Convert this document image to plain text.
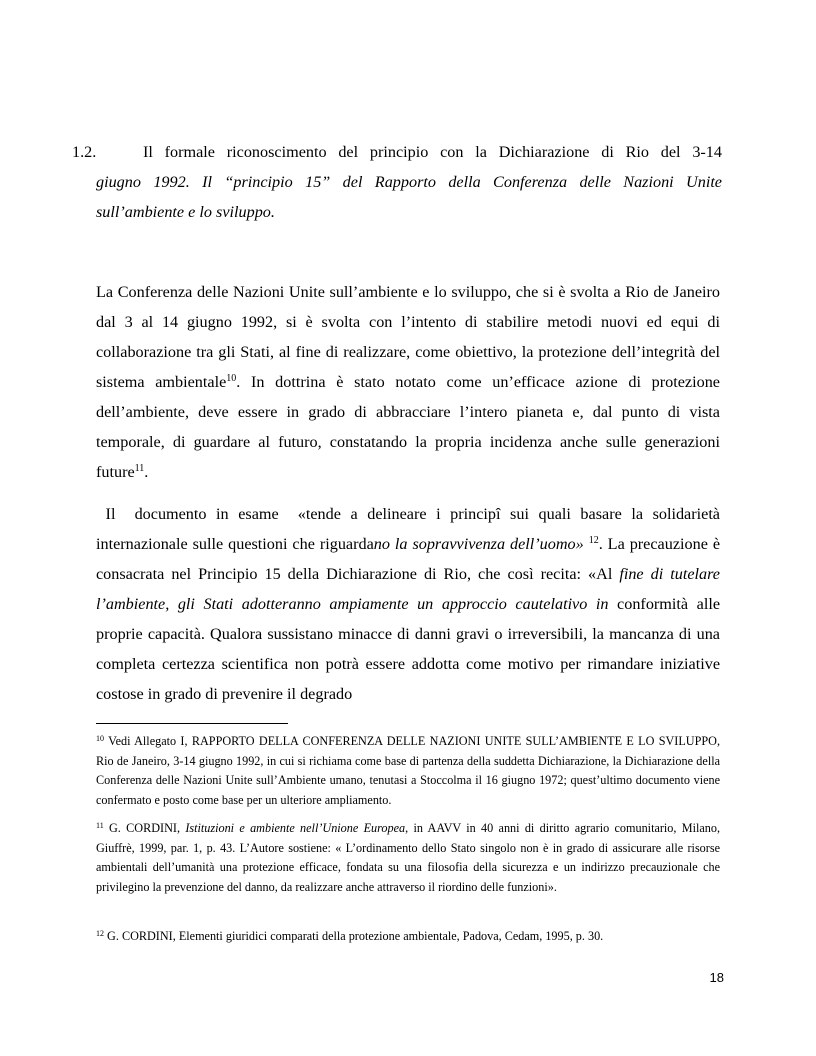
1.2.	Il formale riconoscimento del principio con la Dichiarazione di Rio del 3-14
giugno 1992. Il “principio 15” del Rapporto della Conferenza delle Nazioni Unite sull’ambiente e lo sviluppo.

La Conferenza delle Nazioni Unite sull’ambiente e lo sviluppo, che si è svolta a Rio de Janeiro dal 3 al 14 giugno 1992, si è svolta con l’intento di stabilire metodi nuovi ed equi di collaborazione tra gli Stati, al fine di realizzare, come obiettivo, la protezione dell’integrità del sistema ambientale$^{10}$. In dottrina è stato notato come un’efficace azione di protezione dell’ambiente, deve essere in grado di abbracciare l’intero pianeta e, dal punto di vista temporale, di guardare al futuro, constatando la propria incidenza anche sulle generazioni future$^{11}$.

Il  documento in esame  «tende a delineare i principî sui quali basare la solidarietà internazionale sulle questioni che riguardano la sopravvivenza dell’uomo» $^{12}$. La precauzione è consacrata nel Principio 15 della Dichiarazione di Rio, che così recita: «Al fine di tutelare l’ambiente, gli Stati adotteranno ampiamente un approccio cautelativo in conformità alle proprie capacità. Qualora sussistano minacce di danni gravi o irreversibili, la mancanza di una completa certezza scientifica non potrà essere addotta come motivo per rimandare iniziative costose in grado di prevenire il degrado

$^{10}$ Vedi Allegato I, RAPPORTO DELLA CONFERENZA DELLE NAZIONI UNITE SULL’AMBIENTE E LO SVILUPPO, Rio de Janeiro, 3-14 giugno 1992, in cui si richiama come base di partenza della suddetta Dichiarazione, la Dichiarazione della Conferenza delle Nazioni Unite sull’Ambiente umano, tenutasi a Stoccolma il 16 giugno 1972; quest’ultimo documento viene confermato e posto come base per un ulteriore ampliamento.
$^{11}$ G. CORDINI, Istituzioni e ambiente nell’Unione Europea, in AAVV in 40 anni di diritto agrario comunitario, Milano, Giuffrè, 1999, par. 1, p. 43. L’Autore sostiene: « L’ordinamento dello Stato singolo non è in grado di assicurare alle risorse ambientali dell’umanità una protezione efficace, fondata su una filosofia della sicurezza e un indirizzo precauzionale che privilegino la prevenzione del danno, da realizzare anche attraverso il riordino delle funzioni».
$^{12}$ G. CORDINI, Elementi giuridici comparati della protezione ambientale, Padova, Cedam, 1995, p. 30.
18
